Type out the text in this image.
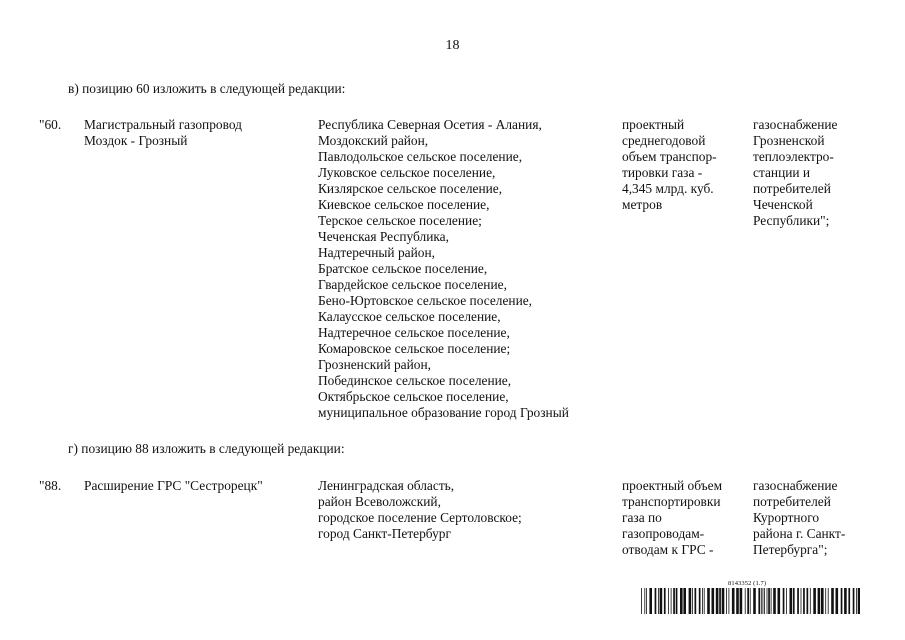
18
в) позицию 60 изложить в следующей редакции:
"60. Магистральный газопровод
Моздок - Грозный
Республика Северная Осетия - Алания,
Моздокский район,
Павлодольское сельское поселение,
Луковское сельское поселение,
Кизлярское сельское поселение,
Киевское сельское поселение,
Терское сельское поселение;
Чеченская Республика,
Надтеречный район,
Братское сельское поселение,
Гвардейское сельское поселение,
Бено-Юртовское сельское поселение,
Калаусское сельское поселение,
Надтеречное сельское поселение,
Комаровское сельское поселение;
Грозненский район,
Побединское сельское поселение,
Октябрьское сельское поселение,
муниципальное образование город Грозный
проектный
среднегодовой
объем транспор-
тировки газа -
4,345 млрд. куб.
метров
газоснабжение
Грозненской
теплоэлектро-
станции и
потребителей
Чеченской
Республики";
г) позицию 88 изложить в следующей редакции:
"88. Расширение ГРС "Сестрорецк"	Ленинградская область,
район Всеволожский,
городское поселение Сертоловское;
город Санкт-Петербург
проектный объем
транспортировки
газа по
газопроводам-
отводам к ГРС -
газоснабжение
потребителей
Курортного
района г. Санкт-
Петербурга";
8143352 (1.7)
